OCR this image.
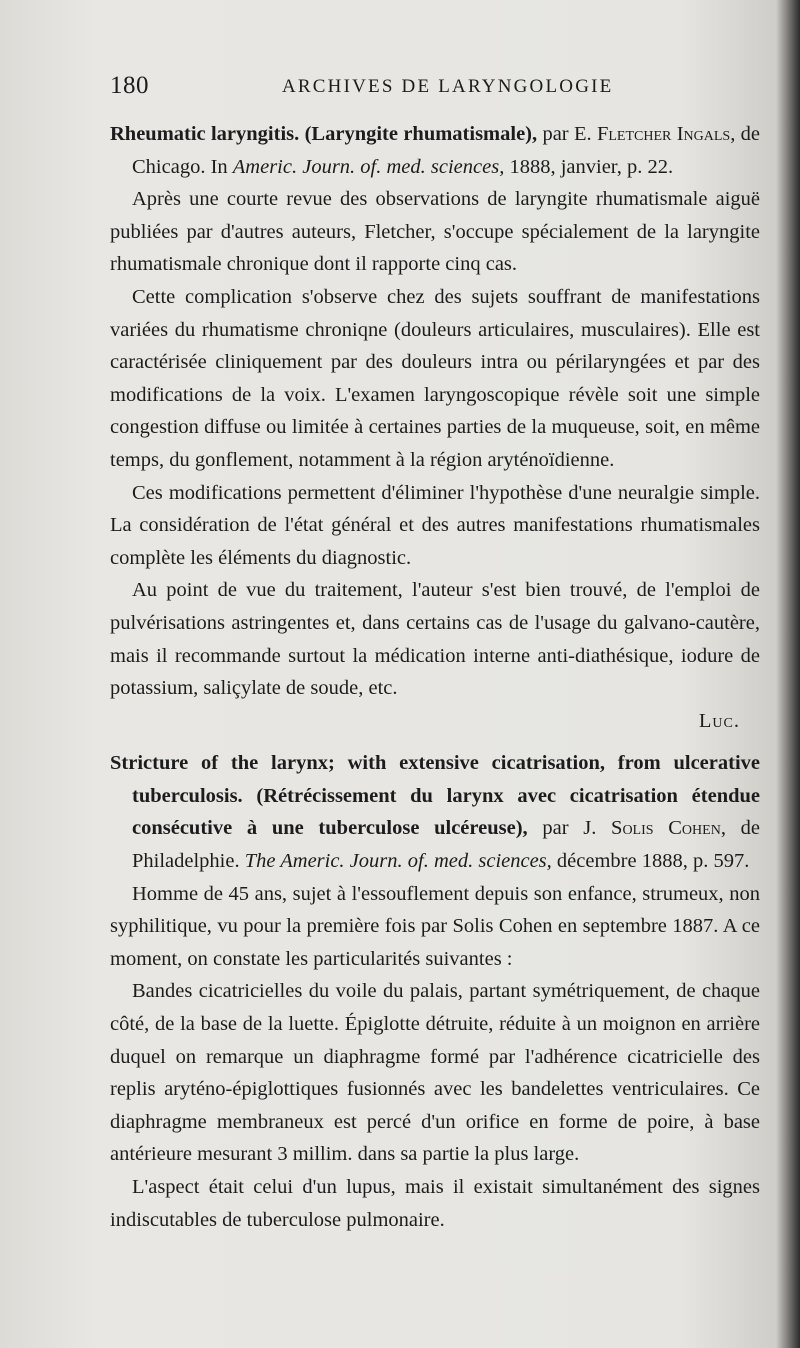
180	ARCHIVES DE LARYNGOLOGIE

Rheumatic laryngitis. (Laryngite rhumatismale), par E. Fletcher Ingals, de Chicago. In Americ. Journ. of. med. sciences, 1888, janvier, p. 22.

Après une courte revue des observations de laryngite rhumatismale aiguë publiées par d'autres auteurs, Fletcher, s'occupe spécialement de la laryngite rhumatismale chronique dont il rapporte cinq cas.

Cette complication s'observe chez des sujets souffrant de manifestations variées du rhumatisme chroniqne (douleurs articulaires, musculaires). Elle est caractérisée cliniquement par des douleurs intra ou périlaryngées et par des modifications de la voix. L'examen laryngoscopique révèle soit une simple congestion diffuse ou limitée à certaines parties de la muqueuse, soit, en même temps, du gonflement, notamment à la région aryténoïdienne.

Ces modifications permettent d'éliminer l'hypothèse d'une neuralgie simple. La considération de l'état général et des autres manifestations rhumatismales complète les éléments du diagnostic.

Au point de vue du traitement, l'auteur s'est bien trouvé, de l'emploi de pulvérisations astringentes et, dans certains cas de l'usage du galvano-cautère, mais il recommande surtout la médication interne anti-diathésique, iodure de potassium, saliçylate de soude, etc.

Luc.

Stricture of the larynx; with extensive cicatrisation, from ulcerative tuberculosis. (Rétrécissement du larynx avec cicatrisation étendue consécutive à une tuberculose ulcéreuse), par J. Solis Cohen, de Philadelphie. The Americ. Journ. of. med. sciences, décembre 1888, p. 597.

Homme de 45 ans, sujet à l'essouflement depuis son enfance, strumeux, non syphilitique, vu pour la première fois par Solis Cohen en septembre 1887. A ce moment, on constate les particularités suivantes :

Bandes cicatricielles du voile du palais, partant symétriquement, de chaque côté, de la base de la luette. Épiglotte détruite, réduite à un moignon en arrière duquel on remarque un diaphragme formé par l'adhérence cicatricielle des replis aryténo-épiglottiques fusionnés avec les bandelettes ventriculaires. Ce diaphragme membraneux est percé d'un orifice en forme de poire, à base antérieure mesurant 3 millim. dans sa partie la plus large.

L'aspect était celui d'un lupus, mais il existait simultanément des signes indiscutables de tuberculose pulmonaire.
